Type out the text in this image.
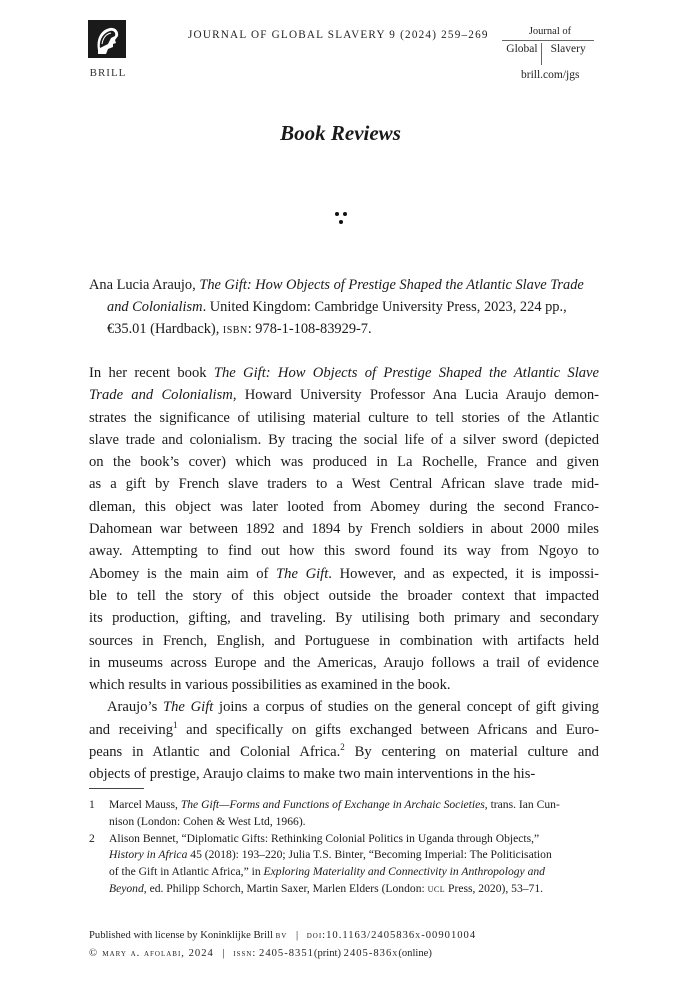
BRILL
JOURNAL OF GLOBAL SLAVERY 9 (2024) 259–269	Journal of
Global Slavery
brill.com/jgs
Book Reviews
Ana Lucia Araujo, The Gift: How Objects of Prestige Shaped the Atlantic Slave Trade
and Colonialism. United Kingdom: Cambridge University Press, 2023, 224 pp.,
€35.01 (Hardback), isbn: 978-1-108-83929-7.
In her recent book The Gift: How Objects of Prestige Shaped the Atlantic Slave
Trade and Colonialism, Howard University Professor Ana Lucia Araujo demon-
strates the significance of utilising material culture to tell stories of the Atlantic
slave trade and colonialism. By tracing the social life of a silver sword (depicted
on the book’s cover) which was produced in La Rochelle, France and given
as a gift by French slave traders to a West Central African slave trade mid-
dleman, this object was later looted from Abomey during the second Franco-
Dahomean war between 1892 and 1894 by French soldiers in about 2000 miles
away. Attempting to find out how this sword found its way from Ngoyo to
Abomey is the main aim of The Gift. However, and as expected, it is impossi-
ble to tell the story of this object outside the broader context that impacted
its production, gifting, and traveling. By utilising both primary and secondary
sources in French, English, and Portuguese in combination with artifacts held
in museums across Europe and the Americas, Araujo follows a trail of evidence
which results in various possibilities as examined in the book.
Araujo’s The Gift joins a corpus of studies on the general concept of gift giving
and receiving$^1$ and specifically on gifts exchanged between Africans and Euro-
peans in Atlantic and Colonial Africa.$^2$ By centering on material culture and
objects of prestige, Araujo claims to make two main interventions in the his-
1	Marcel Mauss, The Gift—Forms and Functions of Exchange in Archaic Societies, trans. Ian Cun-
nison (London: Cohen & West Ltd, 1966).
2	Alison Bennet, “Diplomatic Gifts: Rethinking Colonial Politics in Uganda through Objects,”
History in Africa 45 (2018): 193–220; Julia T.S. Binter, “Becoming Imperial: The Politicisation
of the Gift in Atlantic Africa,” in Exploring Materiality and Connectivity in Anthropology and
Beyond, ed. Philipp Schorch, Martin Saxer, Marlen Elders (London: ucl Press, 2020), 53–71.
Published with license by Koninklijke Brill bv | doi:10.1163/2405836x-00901004
© mary a. afolabi, 2024 | issn: 2405-8351(print) 2405-836x(online)
